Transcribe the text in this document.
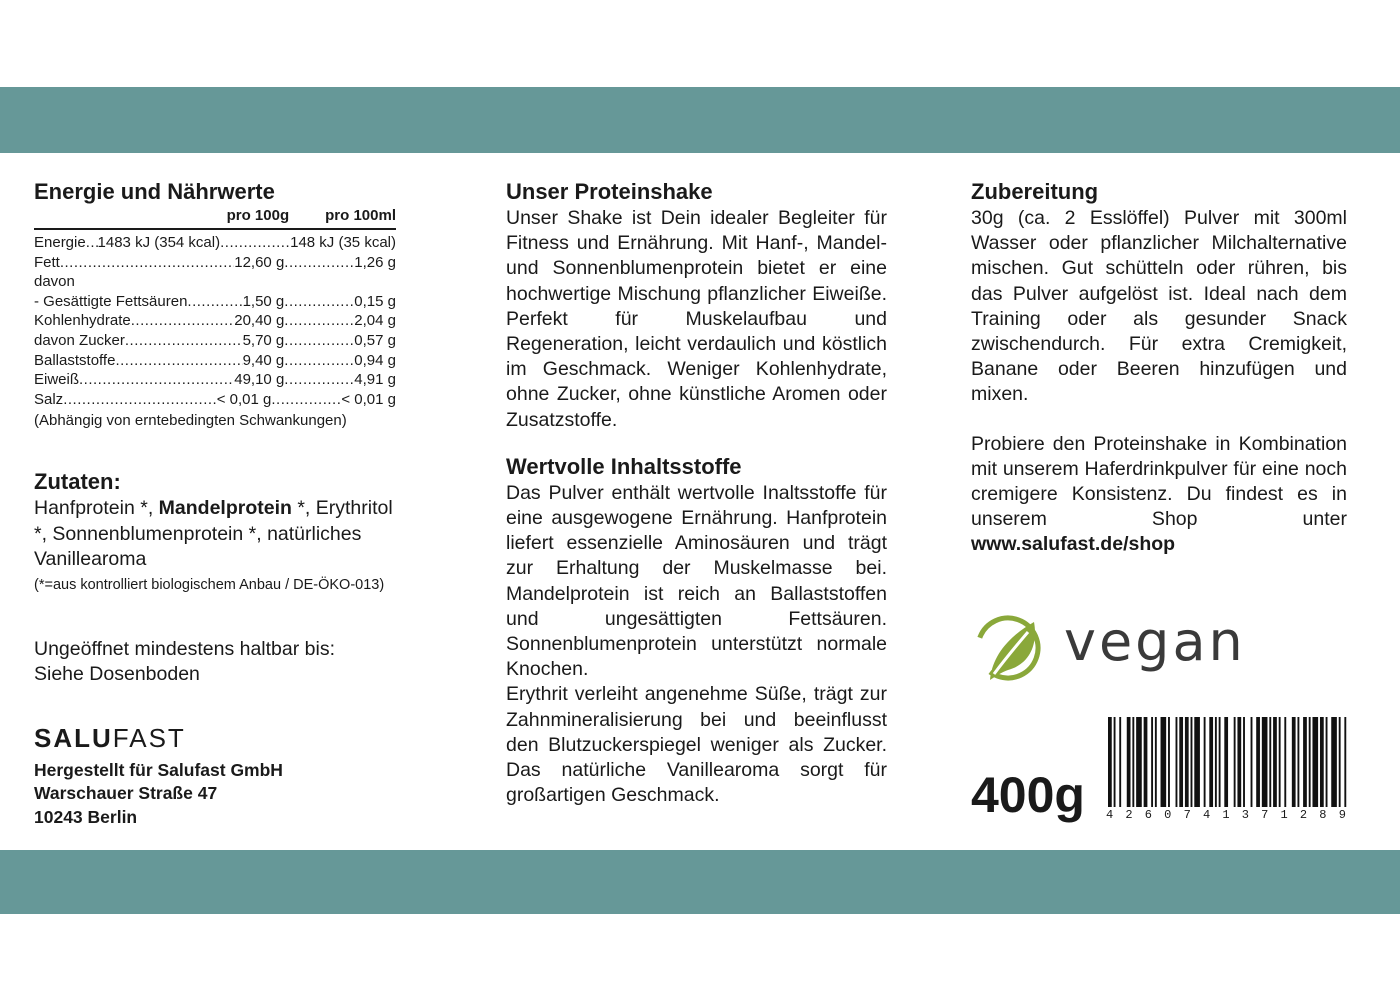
Energie und Nährwerte

pro 100g pro 100ml
Energie ..... 1483 kJ (354 kcal) .....	148 kJ (35 kcal)
Fett .....	12,60 g .....	1,26 g
davon
- Gesättigte Fettsäuren .....	1,50 g .....	0,15 g
Kohlenhydrate .....	20,40 g .....	2,04 g
davon Zucker .....	5,70 g .....	0,57 g
Ballaststoffe .....	9,40 g .....	0,94 g
Eiweiß .....	49,10 g .....	4,91 g
Salz .....	< 0,01 g .....	< 0,01 g
(Abhängig von erntebedingten Schwankungen)

Zutaten:

Hanfprotein *, Mandelprotein *, Erythritol *, Sonnenblumenprotein *, natürliches Vanillearoma

(*=aus kontrolliert biologischem Anbau / DE-ÖKO-013)

Ungeöffnet mindestens haltbar bis:
Siehe Dosenboden

SALUFAST

Hergestellt für Salufast GmbH
Warschauer Straße 47
10243 Berlin

Unser Proteinshake

Unser Shake ist Dein idealer Begleiter für Fitness und Ernährung. Mit Hanf-, Mandel- und Sonnenblumenprotein bietet er eine hochwertige Mischung pflanzlicher Eiweiße. Perfekt für Muskelaufbau und Regeneration, leicht verdaulich und köstlich im Geschmack. Weniger Kohlenhydrate, ohne Zucker, ohne künstliche Aromen oder Zusatzstoffe.

Wertvolle Inhaltsstoffe

Das Pulver enthält wertvolle Inaltsstoffe für eine ausgewogene Ernährung. Hanfprotein liefert essenzielle Aminosäuren und trägt zur Erhaltung der Muskelmasse bei. Mandelprotein ist reich an Ballaststoffen und ungesättigten Fettsäuren. Sonnenblumenprotein unterstützt normale Knochen.

Erythrit verleiht angenehme Süße, trägt zur Zahnmineralisierung bei und beeinflusst den Blutzuckerspiegel weniger als Zucker. Das natürliche Vanillearoma sorgt für großartigen Geschmack.

Zubereitung

30g (ca. 2 Esslöffel) Pulver mit 300ml Wasser oder pflanzlicher Milchalternative mischen. Gut schütteln oder rühren, bis das Pulver aufgelöst ist. Ideal nach dem Training oder als gesunder Snack zwischendurch. Für extra Cremigkeit, Banane oder Beeren hinzufügen und mixen.

Probiere den Proteinshake in Kombination mit unserem Haferdrinkpulver für eine noch cremigere Konsistenz. Du findest es in unserem Shop unter www.salufast.de/shop

vegan
400g 4 2 6 0 7 4 1 3 7 1 2 8 9
